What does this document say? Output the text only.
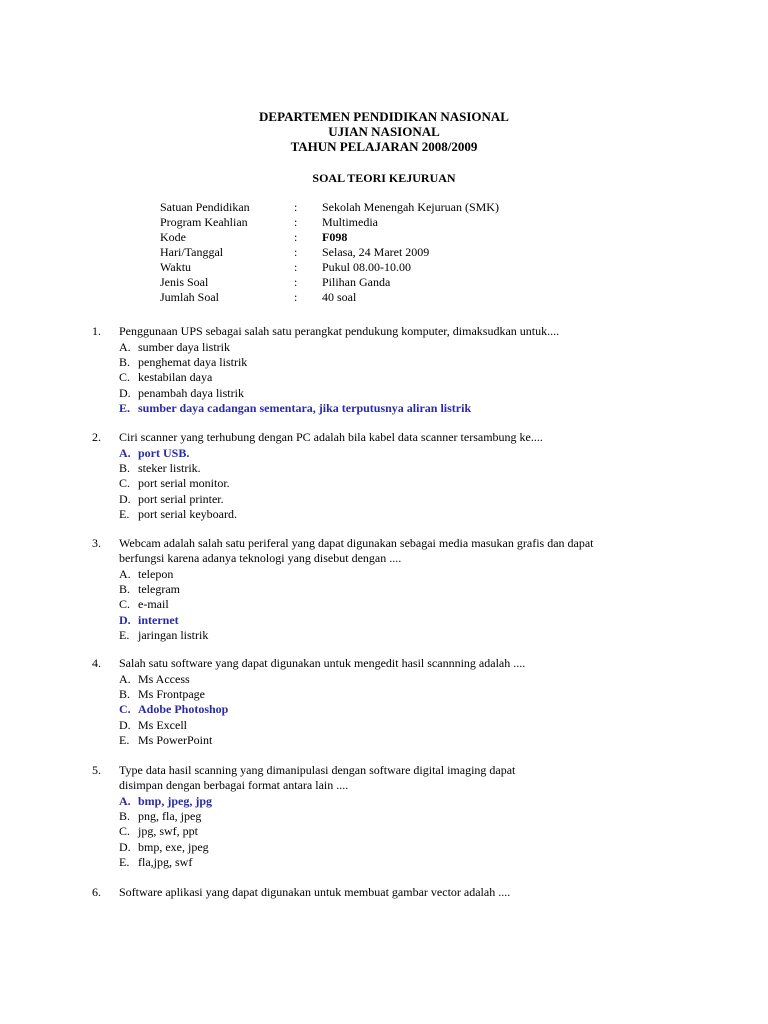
DEPARTEMEN PENDIDIKAN NASIONAL
UJIAN NASIONAL
TAHUN PELAJARAN 2008/2009
SOAL TEORI KEJURUAN
Satuan Pendidikan	: Sekolah Menengah Kejuruan (SMK)
Program Keahlian	: Multimedia
Kode	: F098
Hari/Tanggal	: Selasa, 24 Maret 2009
Waktu	: Pukul 08.00-10.00
Jenis Soal	: Pilihan Ganda
Jumlah Soal	: 40 soal
1. Penggunaan UPS sebagai salah satu perangkat pendukung komputer, dimaksudkan untuk....
A. sumber daya listrik
B. penghemat daya listrik
C. kestabilan daya
D. penambah daya listrik
E. sumber daya cadangan sementara, jika terputusnya aliran listrik
2. Ciri scanner yang terhubung dengan PC adalah bila kabel data scanner tersambung ke....
A. port USB.
B. steker listrik.
C. port serial monitor.
D. port serial printer.
E. port serial keyboard.
3. Webcam adalah salah satu periferal yang dapat digunakan sebagai media masukan grafis dan dapat
berfungsi karena adanya teknologi yang disebut dengan ....
A. telepon
B. telegram
C. e-mail
D. internet
E. jaringan listrik
4. Salah satu software yang dapat digunakan untuk mengedit hasil scannning adalah ....
A. Ms Access
B. Ms Frontpage
C. Adobe Photoshop
D. Ms Excell
E. Ms PowerPoint
5. Type data hasil scanning yang dimanipulasi dengan software digital imaging dapat
disimpan dengan berbagai format antara lain ....
A. bmp, jpeg, jpg
B. png, fla, jpeg
C. jpg, swf, ppt
D. bmp, exe, jpeg
E. fla,jpg, swf
6. Software aplikasi yang dapat digunakan untuk membuat gambar vector adalah ....
